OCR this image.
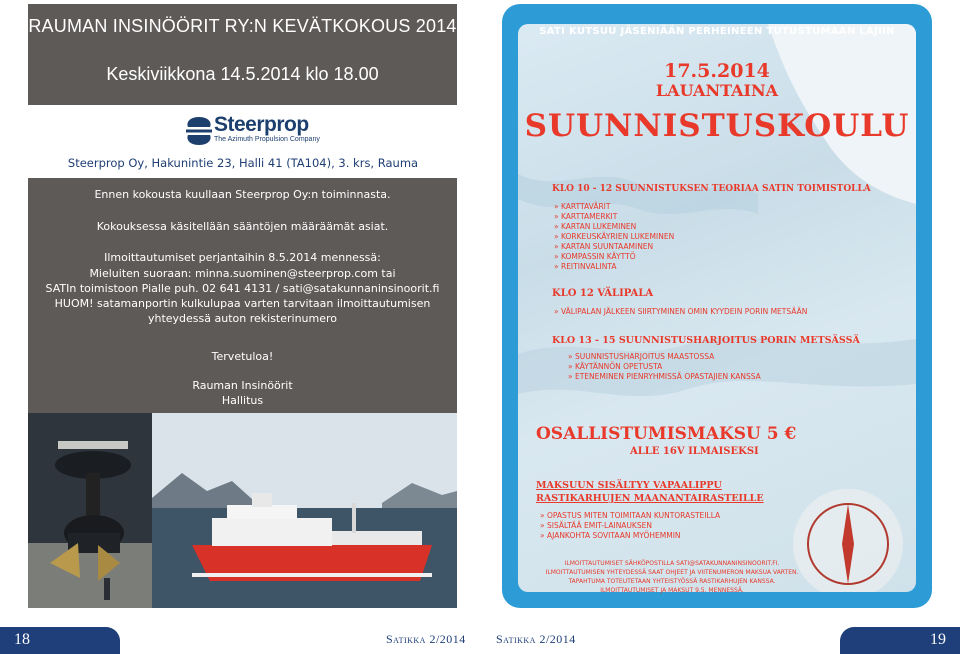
RAUMAN INSINÖÖRIT RY:N KEVÄTKOKOUS 2014
Keskiviikkona 14.5.2014 klo 18.00
Steerprop
The Azimuth Propulsion Company
Steerprop Oy, Hakunintie 23, Halli 41 (TA104), 3. krs, Rauma
Ennen kokousta kuullaan Steerprop Oy:n toiminnasta.
Kokouksessa käsitellään sääntöjen määräämät asiat.
Ilmoittautumiset perjantaihin 8.5.2014 mennessä:
Mieluiten suoraan: minna.suominen@steerprop.com tai
SATIn toimistoon Pialle puh. 02 641 4131 / sati@satakunnaninsinoorit.fi
HUOM! satamanportin kulkulupaa varten tarvitaan ilmoittautumisen
yhteydessä auton rekisterinumero
Tervetuloa!
Rauman Insinöörit
Hallitus
SATI KUTSUU JÄSENIÄÄN PERHEINEEN TUTUSTUMAAN LAJIIN
17.5.2014
LAUANTAINA
SUUNNISTUSKOULU
KLO 10 - 12 SUUNNISTUKSEN TEORIAA SATIN TOIMISTOLLA
» KARTTAVÄRIT
» KARTTAMERKIT
» KARTAN LUKEMINEN
» KORKEUSKÄYRIEN LUKEMINEN
» KARTAN SUUNTAAMINEN
» KOMPASSIN KÄYTTÖ
» REITINVALINTA
KLO 12 VÄLIPALA
» VÄLIPALAN JÄLKEEN SIIRTYMINEN OMIN KYYDEIN PORIN METSÄÄN
KLO 13 - 15 SUUNNISTUSHARJOITUS PORIN METSÄSSÄ
» SUUNNISTUSHARJOITUS MAASTOSSA
» KÄYTÄNNÖN OPETUSTA
» ETENEMINEN PIENRYHMISSÄ OPASTAJIEN KANSSA
OSALLISTUMISMAKSU 5 €
ALLE 16V ILMAISEKSI
MAKSUUN SISÄLTYY VAPAALIPPU
RASTIKARHUJEN MAANANTAIRASTEILLE
» OPASTUS MITEN TOIMITAAN KUNTORASTEILLA
» SISÄLTÄÄ EMIT-LAINAUKSEN
» AJANKOHTA SOVITAAN MYÖHEMMIN
ILMOITTAUTUMISET SÄHKÖPOSTILLA SATI@SATAKUNNANINSINOORIT.FI.
ILMOITTAUTUMISEN YHTEYDESSÄ SAAT OHJEET JA VIITENUMERON MAKSUA VARTEN.
TAPAHTUMA TOTEUTETAAN YHTEISTYÖSSÄ RASTIKARHUJEN KANSSA.
ILMOITTAUTUMISET JA MAKSUT 9.5. MENNESSÄ.
18	Satikka 2/2014	Satikka 2/2014	19
